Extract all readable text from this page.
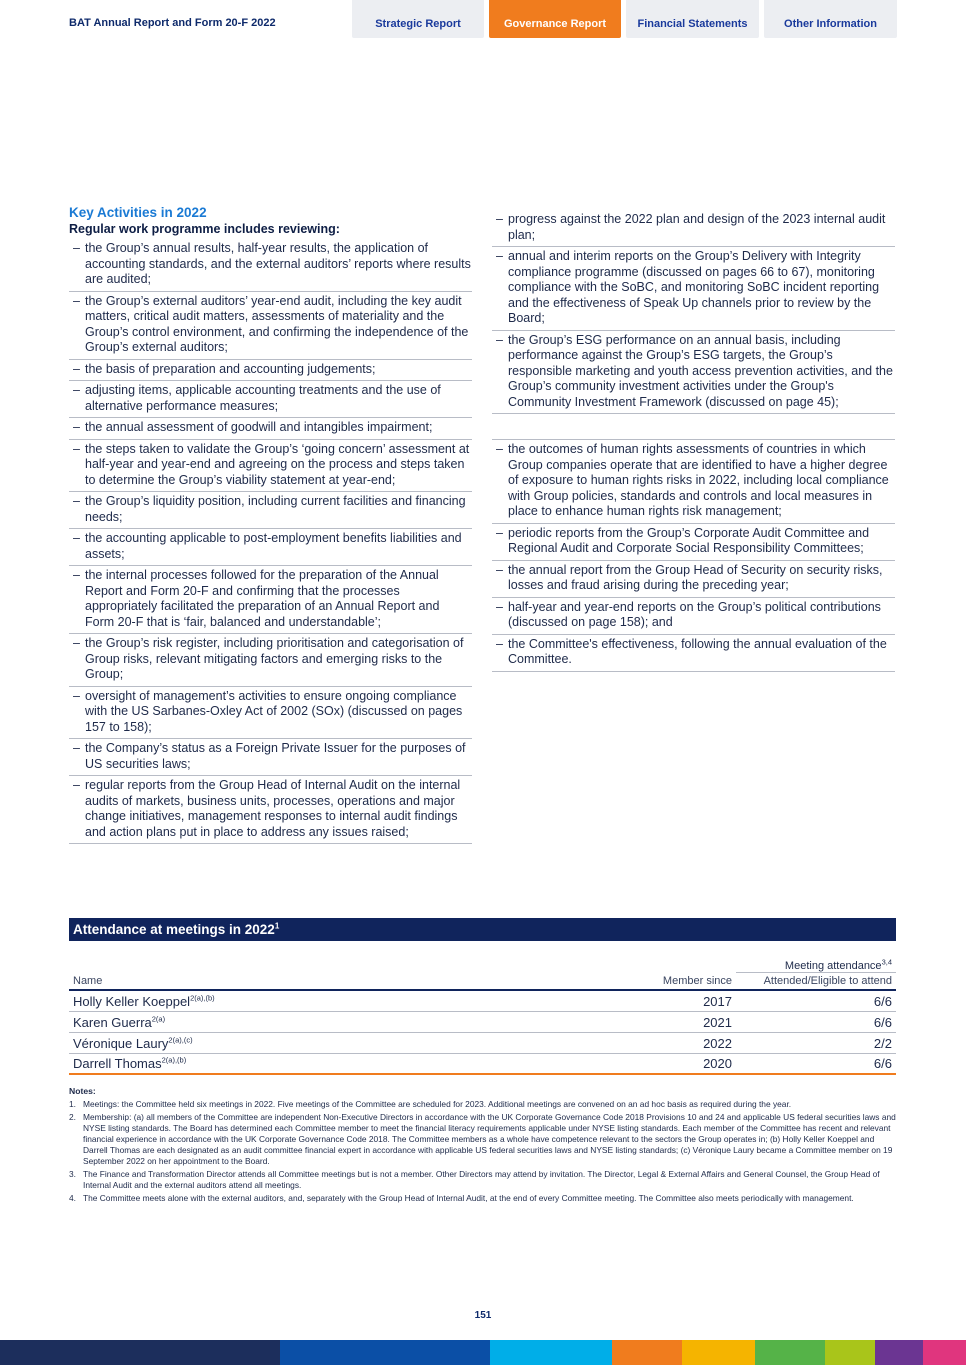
BAT Annual Report and Form 20-F 2022	Strategic Report	Governance Report	Financial Statements	Other Information
Key Activities in 2022
Regular work programme includes reviewing:
– the Group’s annual results, half-year results, the application of accounting standards, and the external auditors’ reports where results are audited;
– the Group’s external auditors’ year-end audit, including the key audit matters, critical audit matters, assessments of materiality and the Group’s control environment, and confirming the independence of the Group’s external auditors;
– the basis of preparation and accounting judgements;
– adjusting items, applicable accounting treatments and the use of alternative performance measures;
– the annual assessment of goodwill and intangibles impairment;
– the steps taken to validate the Group’s ‘going concern’ assessment at half-year and year-end and agreeing on the process and steps taken to determine the Group’s viability statement at year-end;
– the Group’s liquidity position, including current facilities and financing needs;
– the accounting applicable to post-employment benefits liabilities and assets;
– the internal processes followed for the preparation of the Annual Report and Form 20-F and confirming that the processes appropriately facilitated the preparation of an Annual Report and Form 20-F that is ‘fair, balanced and understandable’;
– the Group’s risk register, including prioritisation and categorisation of Group risks, relevant mitigating factors and emerging risks to the Group;
– oversight of management’s activities to ensure ongoing compliance with the US Sarbanes-Oxley Act of 2002 (SOx) (discussed on pages 157 to 158);
– the Company’s status as a Foreign Private Issuer for the purposes of US securities laws;
– regular reports from the Group Head of Internal Audit on the internal audits of markets, business units, processes, operations and major change initiatives, management responses to internal audit findings and action plans put in place to address any issues raised;
– progress against the 2022 plan and design of the 2023 internal audit plan;
– annual and interim reports on the Group’s Delivery with Integrity compliance programme (discussed on pages 66 to 67), monitoring compliance with the SoBC, and monitoring SoBC incident reporting and the effectiveness of Speak Up channels prior to review by the Board;
– the Group’s ESG performance on an annual basis, including performance against the Group’s ESG targets, the Group’s responsible marketing and youth access prevention activities, and the Group’s community investment activities under the Group's Community Investment Framework (discussed on page 45);
– the outcomes of human rights assessments of countries in which Group companies operate that are identified to have a higher degree of exposure to human rights risks in 2022, including local compliance with Group policies, standards and controls and local measures in place to enhance human rights risk management;
– periodic reports from the Group’s Corporate Audit Committee and Regional Audit and Corporate Social Responsibility Committees;
– the annual report from the Group Head of Security on security risks, losses and fraud arising during the preceding year;
– half-year and year-end reports on the Group’s political contributions (discussed on page 158); and
– the Committee's effectiveness, following the annual evaluation of the Committee.
Attendance at meetings in 2022$^1$
		Meeting attendance$^{3,4}$
Name	Member since	Attended/Eligible to attend
Holly Keller Koeppel$^{2(a),(b)}$	2017	6/6
Karen Guerra$^{2(a)}$	2021	6/6
Véronique Laury$^{2(a),(c)}$	2022	2/2
Darrell Thomas$^{2(a),(b)}$	2020	6/6
Notes:
1. Meetings: the Committee held six meetings in 2022. Five meetings of the Committee are scheduled for 2023. Additional meetings are convened on an ad hoc basis as required during the year.
2. Membership: (a) all members of the Committee are independent Non-Executive Directors in accordance with the UK Corporate Governance Code 2018 Provisions 10 and 24 and applicable US federal securities laws and NYSE listing standards. The Board has determined each Committee member to meet the financial literacy requirements applicable under NYSE listing standards. Each member of the Committee has recent and relevant financial experience in accordance with the UK Corporate Governance Code 2018. The Committee members as a whole have competence relevant to the sectors the Group operates in; (b) Holly Keller Koeppel and Darrell Thomas are each designated as an audit committee financial expert in accordance with applicable US federal securities laws and NYSE listing standards; (c) Véronique Laury became a Committee member on 19 September 2022 on her appointment to the Board.
3. The Finance and Transformation Director attends all Committee meetings but is not a member. Other Directors may attend by invitation. The Director, Legal & External Affairs and General Counsel, the Group Head of Internal Audit and the external auditors attend all meetings.
4. The Committee meets alone with the external auditors, and, separately with the Group Head of Internal Audit, at the end of every Committee meeting. The Committee also meets periodically with management.
151
